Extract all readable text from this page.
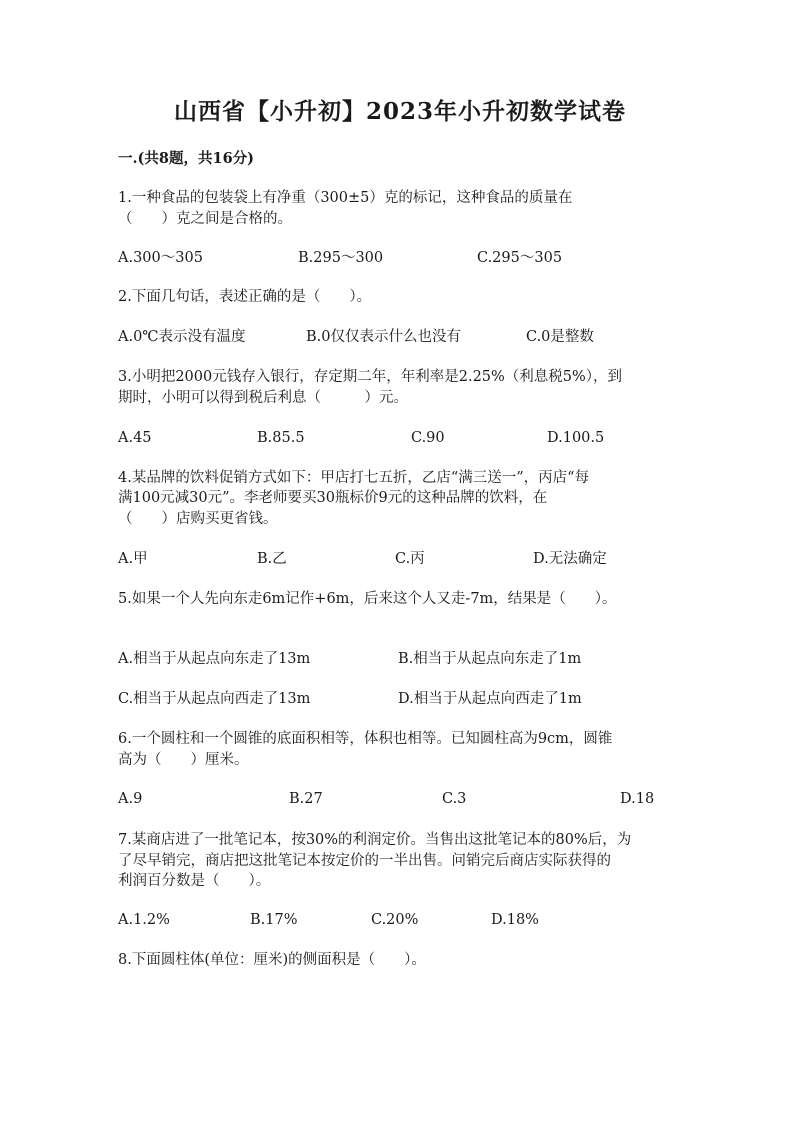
山西省【小升初】2023年小升初数学试卷
一.(共8题，共16分)
1.一种食品的包装袋上有净重（300±5）克的标记，这种食品的质量在
（　　）克之间是合格的。
A.300～305	B.295～300	C.295～305
2.下面几句话，表述正确的是（　　）。
A.0℃表示没有温度	B.0仅仅表示什么也没有	C.0是整数
3.小明把2000元钱存入银行，存定期二年，年利率是2.25%（利息税5%），到
期时，小明可以得到税后利息（　　　）元。
A.45	B.85.5	C.90	D.100.5
4.某品牌的饮料促销方式如下：甲店打七五折，乙店“满三送一”，丙店“每
满100元减30元”。李老师要买30瓶标价9元的这种品牌的饮料，在
（　　）店购买更省钱。
A.甲	B.乙	C.丙	D.无法确定
5.如果一个人先向东走6m记作+6m，后来这个人又走-7m，结果是（　　）。
A.相当于从起点向东走了13m	B.相当于从起点向东走了1m
C.相当于从起点向西走了13m	D.相当于从起点向西走了1m
6.一个圆柱和一个圆锥的底面积相等，体积也相等。已知圆柱高为9cm，圆锥
高为（　　）厘米。
A.9	B.27	C.3	D.18
7.某商店进了一批笔记本，按30%的利润定价。当售出这批笔记本的80%后，为
了尽早销完，商店把这批笔记本按定价的一半出售。问销完后商店实际获得的
利润百分数是（　　）。
A.1.2%	B.17%	C.20%	D.18%
8.下面圆柱体(单位：厘米)的侧面积是（　　）。
